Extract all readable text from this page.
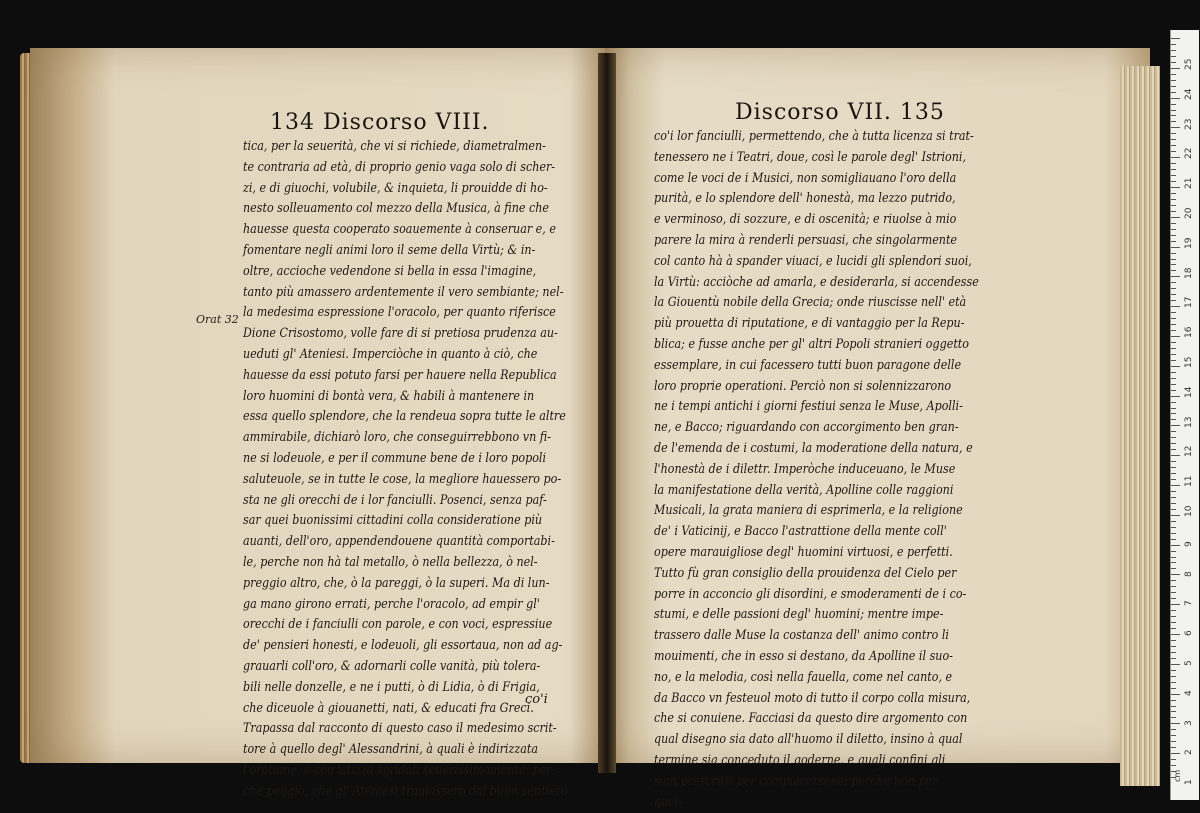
134 Discorso VIII.
Orat 32
tica, per la seuerità, che vi si richiede, diametralmen-
te contraria ad età, di proprio genio vaga solo di scher-
zi, e di giuochi, volubile, & inquieta, li prouidde di ho-
nesto solleuamento col mezzo della Musica, à fine che
hauesse questa cooperato soauemente à conseruar e, e
fomentare negli animi loro il seme della Virtù; & in-
oltre, accioche vedendone si bella in essa l'imagine,
tanto più amassero ardentemente il vero sembiante; nel-
la medesima espressione l'oracolo, per quanto riferisce
Dione Crisostomo, volle fare di si pretiosa prudenza au-
ueduti gl' Ateniesi. Imperciòche in quanto à ciò, che
hauesse da essi potuto farsi per hauere nella Republica
loro huomini di bontà vera, & habili à mantenere in
essa quello splendore, che la rendeua sopra tutte le altre
ammirabile, dichiarò loro, che conseguirrebbono vn fi-
ne si lodeuole, e per il commune bene de i loro popoli
saluteuole, se in tutte le cose, la megliore hauessero po-
sta ne gli orecchi de i lor fanciulli. Posenci, senza paf-
sar quei buonissimi cittadini colla consideratione più
auanti, dell'oro, appendendouene quantità comportabi-
le, perche non hà tal metallo, ò nella bellezza, ò nel-
preggio altro, che, ò la pareggi, ò la superi. Ma di lun-
ga mano girono errati, perche l'oracolo, ad empir gl'
orecchi de i fanciulli con parole, e con voci, espressiue
de' pensieri honesti, e lodeuoli, gli essortaua, non ad ag-
grauarli coll'oro, & adornarli colle vanità, più tolera-
bili nelle donzelle, e ne i putti, ò di Lidia, ò di Frigia,
che diceuole à giouanetti, nati, & educati fra Greci.
Trapassa dal racconto di questo caso il medesimo scrit-
tore à quello degl' Alessandrini, à quali è indirizzata
l'oratione, e con istizza sgridali seuerissimamente; per-
che peggio, che gl' Ateniesi trauiassero dal buon sentiero
co'i
Discorso VII. 135
co'i lor fanciulli, permettendo, che à tutta licenza si trat-
tenessero ne i Teatri, doue, così le parole degl' Istrioni,
come le voci de i Musici, non somigliauano l'oro della
purità, e lo splendore dell' honestà, ma lezzo putrido,
e verminoso, di sozzure, e di oscenità; e riuolse à mio
parere la mira à renderli persuasi, che singolarmente
col canto hà à spander viuaci, e lucidi gli splendori suoi,
la Virtù: acciòche ad amarla, e desiderarla, si accendesse
la Giouentù nobile della Grecia; onde riuscisse nell' età
più prouetta di riputatione, e di vantaggio per la Repu-
blica; e fusse anche per gl' altri Popoli stranieri oggetto
essemplare, in cui facessero tutti buon paragone delle
loro proprie operationi. Perciò non si solennizzarono
ne i tempi antichi i giorni festiui senza le Muse, Apolli-
ne, e Bacco; riguardando con accorgimento ben gran-
de l'emenda de i costumi, la moderatione della natura, e
l'honestà de i dilettr. Imperòche induceuano, le Muse
la manifestatione della verità, Apolline colle raggioni
Musicali, la grata maniera di esprimerla, e la religione
de' i Vaticinij, e Bacco l'astrattione della mente coll'
opere marauigliose degl' huomini virtuosi, e perfetti.
Tutto fù gran consiglio della prouidenza del Cielo per
porre in acconcio gli disordini, e smoderamenti de i co-
stumi, e delle passioni degl' huomini; mentre impe-
trassero dalle Muse la costanza dell' animo contro li
mouimenti, che in esso si destano, da Apolline il suo-
no, e la melodia, così nella fauella, come nel canto, e
da Bacco vn festeuol moto di tutto il corpo colla misura,
che si conuiene. Facciasi da questo dire argomento con
qual disegno sia dato all'huomo il diletto, insino à qual
termine sia conceduto il goderne, e quali confini gli
sian prescritti per compiacersene; perche non per
quel-
25
24
23
22
21
20
19
18
17
16
15
14
13
12
11
10
9
8
7
6
5
4
3
2
1
cm
